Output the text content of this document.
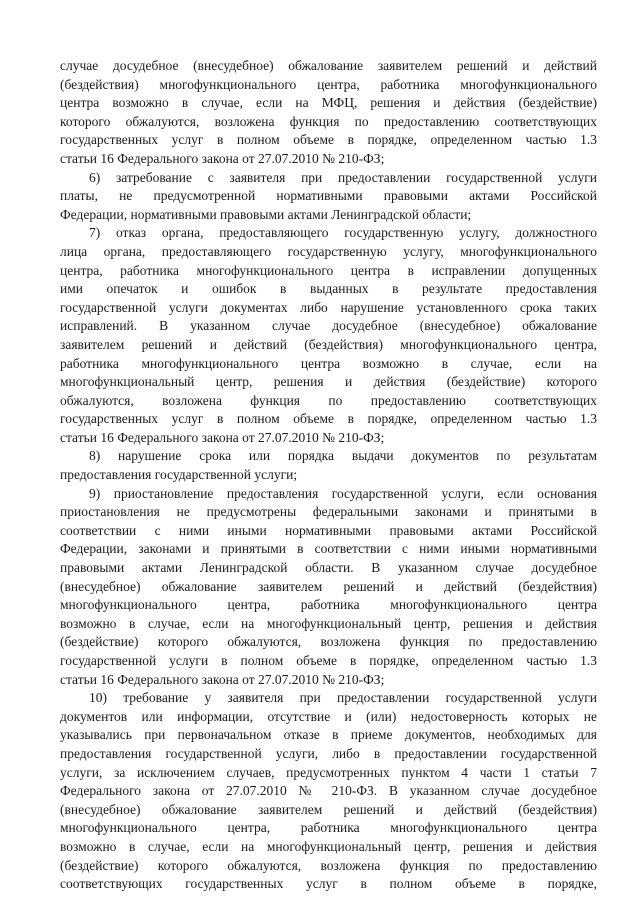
случае досудебное (внесудебное) обжалование заявителем решений и действий
(бездействия) многофункционального центра, работника многофункционального
центра возможно в случае, если на МФЦ, решения и действия (бездействие)
которого обжалуются, возложена функция по предоставлению соответствующих
государственных услуг в полном объеме в порядке, определенном частью 1.3
статьи 16 Федерального закона от 27.07.2010 № 210-ФЗ;

6) затребование с заявителя при предоставлении государственной услуги
платы, не предусмотренной нормативными правовыми актами Российской
Федерации, нормативными правовыми актами Ленинградской области;

7) отказ органа, предоставляющего государственную услугу, должностного
лица органа, предоставляющего государственную услугу, многофункционального
центра, работника многофункционального центра в исправлении допущенных
ими опечаток и ошибок в выданных в результате предоставления
государственной услуги документах либо нарушение установленного срока таких
исправлений. В указанном случае досудебное (внесудебное) обжалование
заявителем решений и действий (бездействия) многофункционального центра,
работника многофункционального центра возможно в случае, если на
многофункциональный центр, решения и действия (бездействие) которого
обжалуются, возложена функция по предоставлению соответствующих
государственных услуг в полном объеме в порядке, определенном частью 1.3
статьи 16 Федерального закона от 27.07.2010 № 210-ФЗ;

8) нарушение срока или порядка выдачи документов по результатам
предоставления государственной услуги;

9) приостановление предоставления государственной услуги, если основания
приостановления не предусмотрены федеральными законами и принятыми в
соответствии с ними иными нормативными правовыми актами Российской
Федерации, законами и принятыми в соответствии с ними иными нормативными
правовыми актами Ленинградской области. В указанном случае досудебное
(внесудебное) обжалование заявителем решений и действий (бездействия)
многофункционального центра, работника многофункционального центра
возможно в случае, если на многофункциональный центр, решения и действия
(бездействие) которого обжалуются, возложена функция по предоставлению
государственной услуги в полном объеме в порядке, определенном частью 1.3
статьи 16 Федерального закона от 27.07.2010 № 210-ФЗ;

10) требование у заявителя при предоставлении государственной услуги
документов или информации, отсутствие и (или) недостоверность которых не
указывались при первоначальном отказе в приеме документов, необходимых для
предоставления государственной услуги, либо в предоставлении государственной
услуги, за исключением случаев, предусмотренных пунктом 4 части 1 статьи 7
Федерального закона от 27.07.2010 № 210-ФЗ. В указанном случае досудебное
(внесудебное) обжалование заявителем решений и действий (бездействия)
многофункционального центра, работника многофункционального центра
возможно в случае, если на многофункциональный центр, решения и действия
(бездействие) которого обжалуются, возложена функция по предоставлению
соответствующих государственных услуг в полном объеме в порядке,
